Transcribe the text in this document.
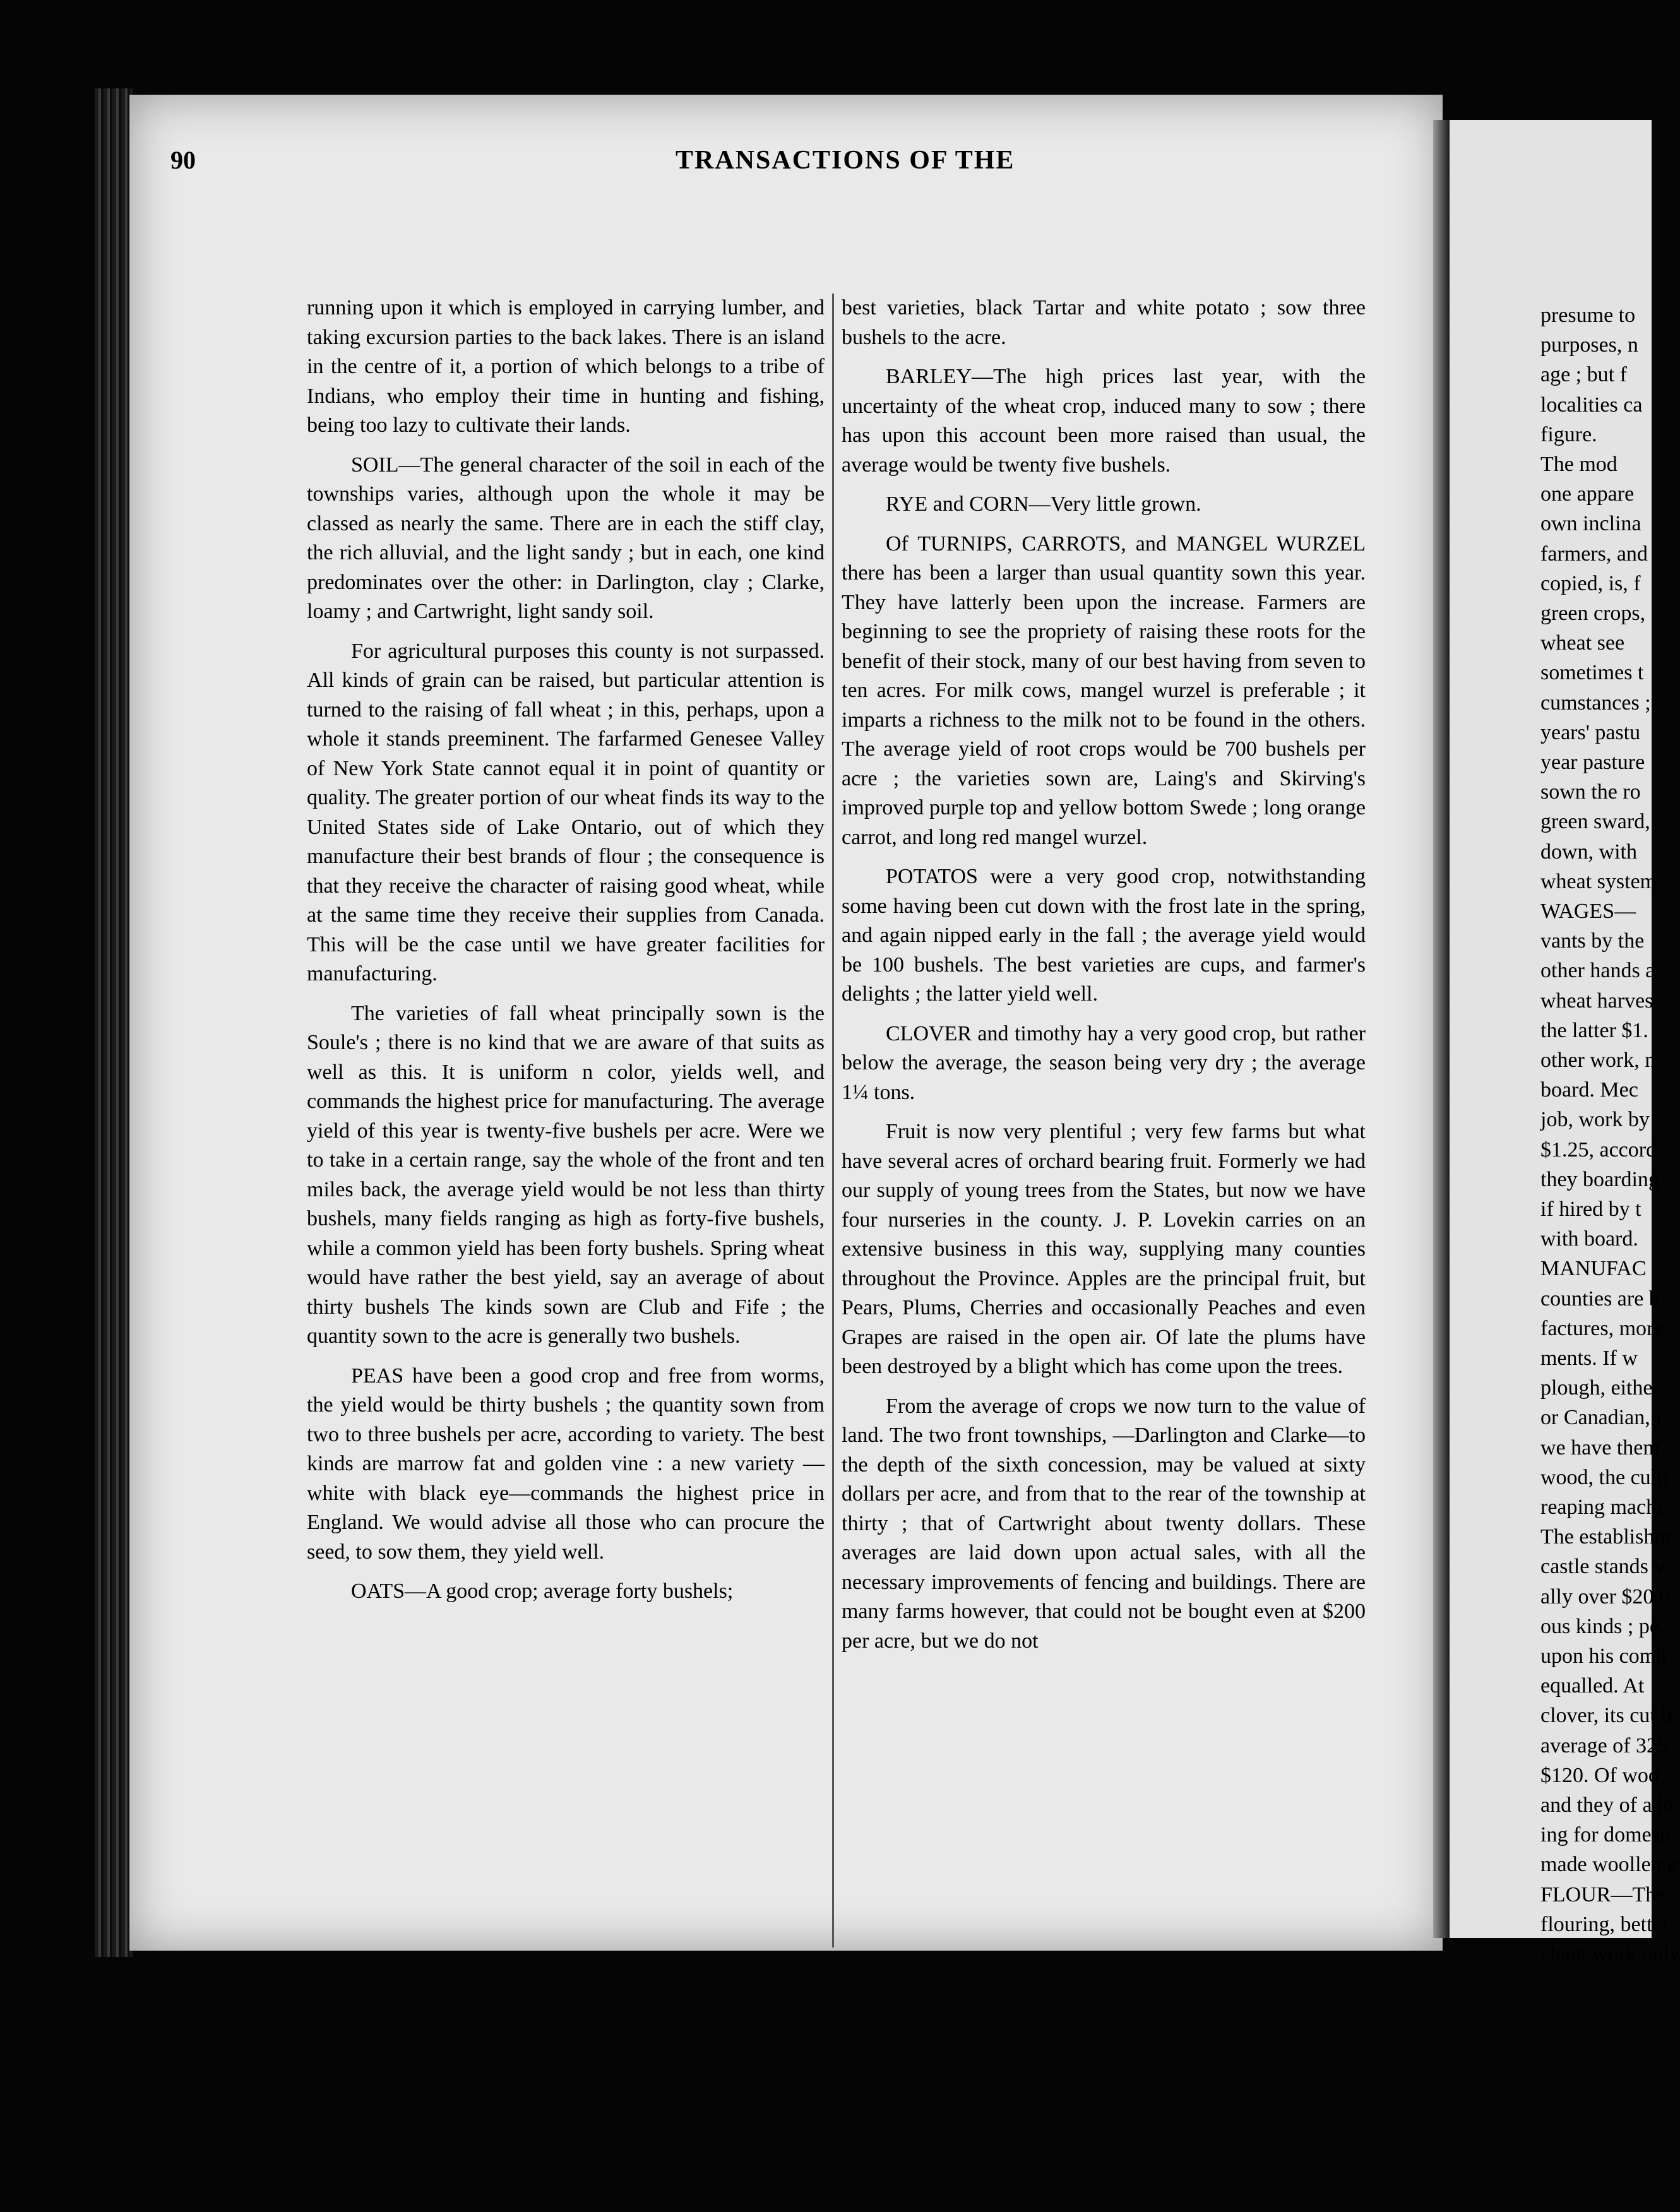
90	TRANSACTIONS OF THE

running upon it which is employed in carrying lumber, and taking excursion parties to the back lakes. There is an island in the centre of it, a portion of which belongs to a tribe of Indians, who employ their time in hunting and fishing, being too lazy to cultivate their lands.

SOIL—The general character of the soil in each of the townships varies, although upon the whole it may be classed as nearly the same. There are in each the stiff clay, the rich alluvial, and the light sandy ; but in each, one kind predominates over the other: in Darlington, clay ; Clarke, loamy ; and Cartwright, light sandy soil.

For agricultural purposes this county is not surpassed. All kinds of grain can be raised, but particular attention is turned to the raising of fall wheat ; in this, perhaps, upon a whole it stands preeminent. The farfarmed Genesee Valley of New York State cannot equal it in point of quantity or quality. The greater portion of our wheat finds its way to the United States side of Lake Ontario, out of which they manufacture their best brands of flour ; the consequence is that they receive the character of raising good wheat, while at the same time they receive their supplies from Canada. This will be the case until we have greater facilities for manufacturing.

The varieties of fall wheat principally sown is the Soule's ; there is no kind that we are aware of that suits as well as this. It is uniform n color, yields well, and commands the highest price for manufacturing. The average yield of this year is twenty-five bushels per acre. Were we to take in a certain range, say the whole of the front and ten miles back, the average yield would be not less than thirty bushels, many fields ranging as high as forty-five bushels, while a common yield has been forty bushels. Spring wheat would have rather the best yield, say an average of about thirty bushels The kinds sown are Club and Fife ; the quantity sown to the acre is generally two bushels.

PEAS have been a good crop and free from worms, the yield would be thirty bushels ; the quantity sown from two to three bushels per acre, according to variety. The best kinds are marrow fat and golden vine : a new variety —white with black eye—commands the highest price in England. We would advise all those who can procure the seed, to sow them, they yield well.

OATS—A good crop; average forty bushels;

best varieties, black Tartar and white potato ; sow three bushels to the acre.

BARLEY—The high prices last year, with the uncertainty of the wheat crop, induced many to sow ; there has upon this account been more raised than usual, the average would be twenty five bushels.

RYE and CORN—Very little grown.

Of TURNIPS, CARROTS, and MANGEL WURZEL there has been a larger than usual quantity sown this year. They have latterly been upon the increase. Farmers are beginning to see the propriety of raising these roots for the benefit of their stock, many of our best having from seven to ten acres. For milk cows, mangel wurzel is preferable ; it imparts a richness to the milk not to be found in the others. The average yield of root crops would be 700 bushels per acre ; the varieties sown are, Laing's and Skirving's improved purple top and yellow bottom Swede ; long orange carrot, and long red mangel wurzel.

POTATOS were a very good crop, notwithstanding some having been cut down with the frost late in the spring, and again nipped early in the fall ; the average yield would be 100 bushels. The best varieties are cups, and farmer's delights ; the latter yield well.

CLOVER and timothy hay a very good crop, but rather below the average, the season being very dry ; the average 1¼ tons.

Fruit is now very plentiful ; very few farms but what have several acres of orchard bearing fruit. Formerly we had our supply of young trees from the States, but now we have four nurseries in the county. J. P. Lovekin carries on an extensive business in this way, supplying many counties throughout the Province. Apples are the principal fruit, but Pears, Plums, Cherries and occasionally Peaches and even Grapes are raised in the open air. Of late the plums have been destroyed by a blight which has come upon the trees.

From the average of crops we now turn to the value of land. The two front townships, —Darlington and Clarke—to the depth of the sixth concession, may be valued at sixty dollars per acre, and from that to the rear of the township at thirty ; that of Cartwright about twenty dollars. These averages are laid down upon actual sales, with all the necessary improvements of fencing and buildings. There are many farms however, that could not be bought even at $200 per acre, but we do not

presume to
purposes, n
age ; but f
localities ca
figure.
The mod
one appare
own inclina
farmers, and
copied, is, f
green crops,
wheat see
sometimes t
cumstances ;
years' pastu
year pasture
sown the ro
green sward,
down, with
wheat system
WAGES—
vants by the
other hands a
wheat harves
the latter $1.
other work, n
board. Mec
job, work by
$1.25, accord
they boarding
if hired by t
with board.
MANUFAC
counties are b
factures, more
ments. If w
plough, either
or Canadian, i
we have them
wood, the culti
reaping machi
The establishm
castle stands v
ally over $20,0
ous kinds ; pe
upon his comb
equalled. At
clover, its cut b
average of 325
$120. Of woo
and they of a lo
ing for domesti
made woollen g
FLOUR—The
flouring, better
chant work only
